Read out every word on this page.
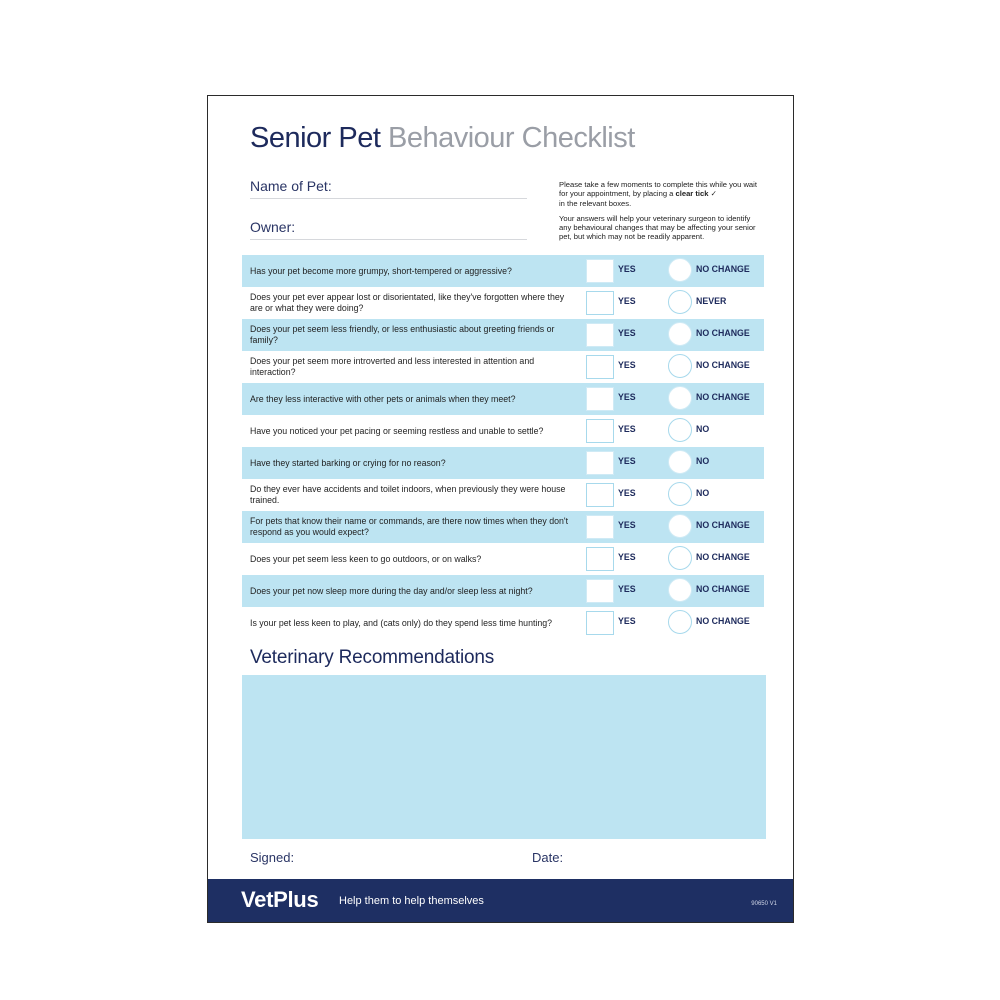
Senior Pet Behaviour Checklist
Name of Pet:
Owner:

Please take a few moments to complete this while you wait for your appointment, by placing a clear tick ✓
in the relevant boxes.

Your answers will help your veterinary surgeon to identify any behavioural changes that may be affecting your senior pet, but which may not be readily apparent.

Has your pet become more grumpy, short-tempered or aggressive?	YES	NO CHANGE
Does your pet ever appear lost or disorientated, like they've forgotten where they are or what they were doing?
YES	NEVER
Does your pet seem less friendly, or less enthusiastic about greeting friends or family?
YES	NO CHANGE
Does your pet seem more introverted and less interested in attention and interaction?
YES	NO CHANGE
Are they less interactive with other pets or animals when they meet?	YES	NO CHANGE
Have you noticed your pet pacing or seeming restless and unable to settle?	YES	NO
Have they started barking or crying for no reason?	YES	NO
Do they ever have accidents and toilet indoors, when previously they were house trained.
YES	NO
For pets that know their name or commands, are there now times when they don't respond as you would expect?
YES	NO CHANGE
Does your pet seem less keen to go outdoors, or on walks?	YES	NO CHANGE
Does your pet now sleep more during the day and/or sleep less at night?	YES	NO CHANGE
Is your pet less keen to play, and (cats only) do they spend less time hunting?	YES	NO CHANGE
Veterinary Recommendations
Signed:	Date:
VetPlus Help them to help themselves	90650 V1
